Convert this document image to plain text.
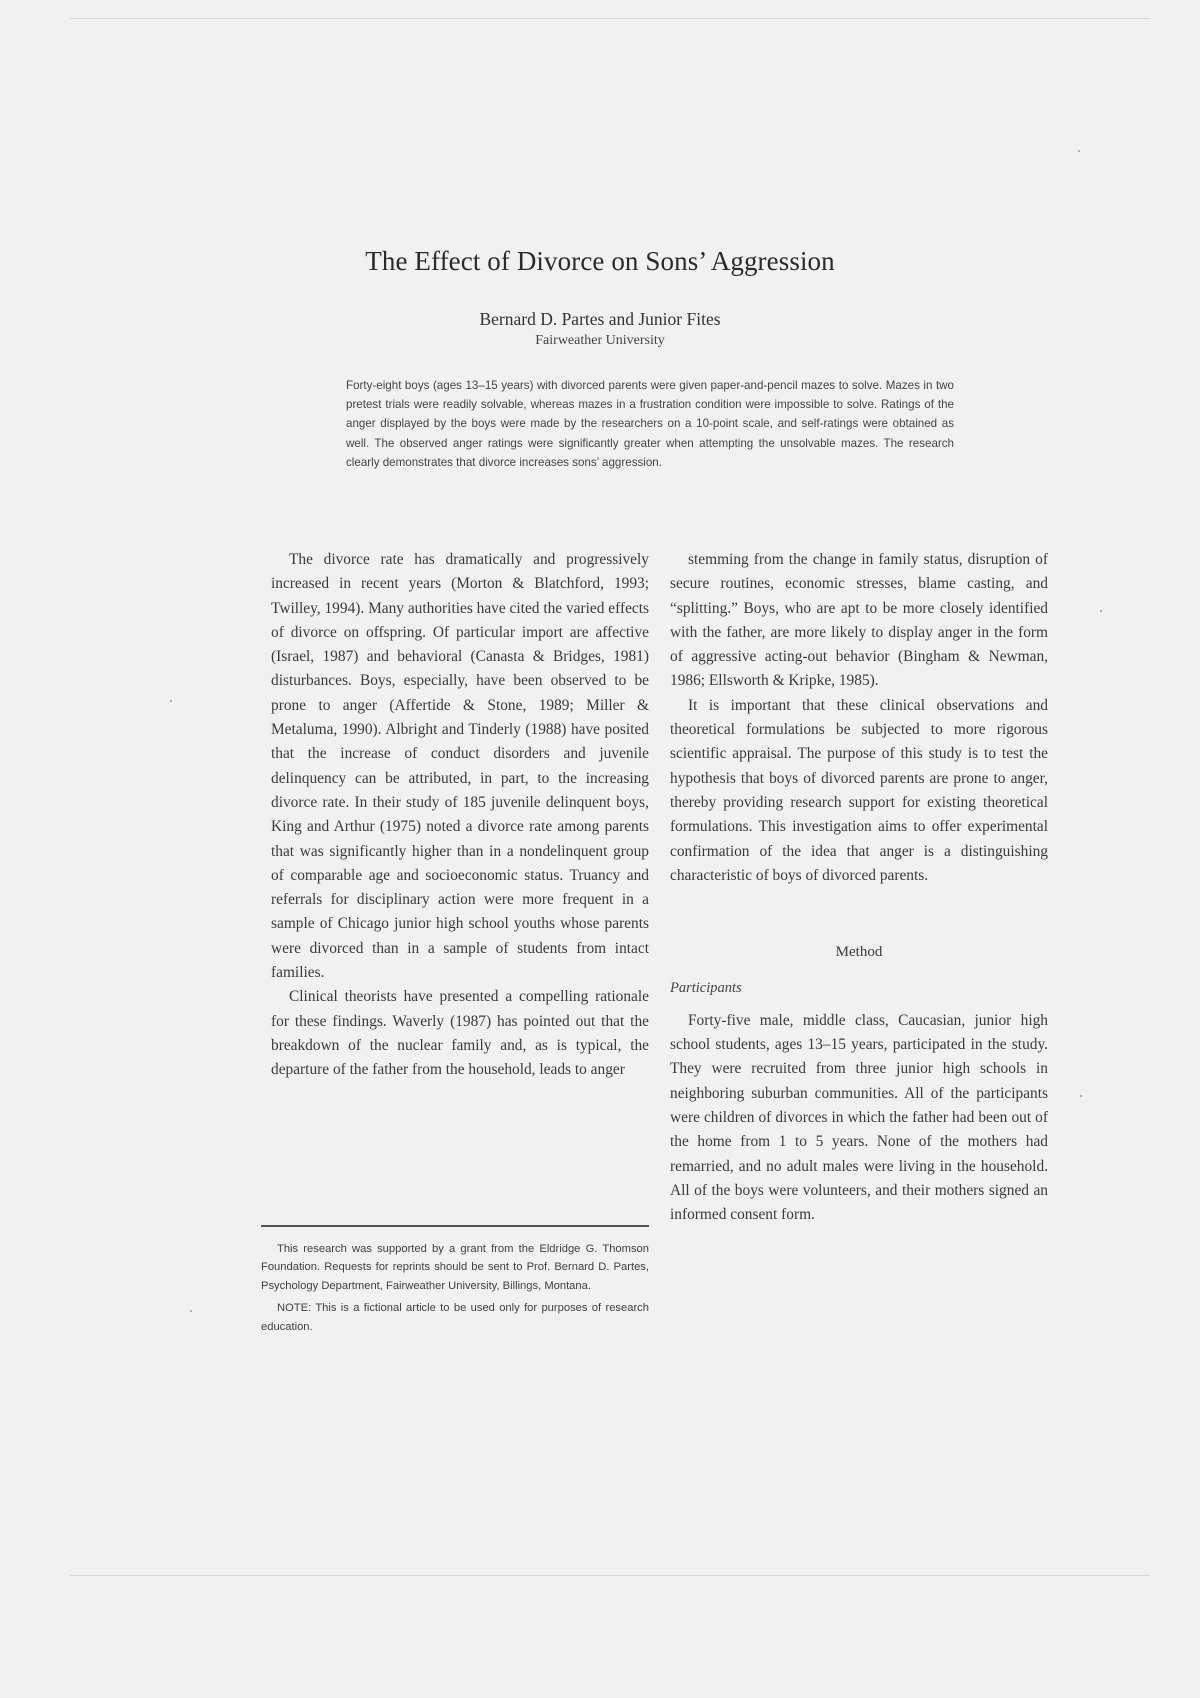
The Effect of Divorce on Sons’ Aggression
Bernard D. Partes and Junior Fites
Fairweather University

Forty-eight boys (ages 13–15 years) with divorced parents were given paper-and-pencil mazes to solve. Mazes in two pretest trials were readily solvable, whereas mazes in a frustration condition were impossible to solve. Ratings of the anger displayed by the boys were made by the researchers on a 10-point scale, and self-ratings were obtained as well. The observed anger ratings were significantly greater when attempting the unsolvable mazes. The research clearly demonstrates that divorce increases sons’ aggression.

The divorce rate has dramatically and progressively increased in recent years (Morton & Blatchford, 1993; Twilley, 1994). Many authorities have cited the varied effects of divorce on offspring. Of particular import are affective (Israel, 1987) and behavioral (Canasta & Bridges, 1981) disturbances. Boys, especially, have been observed to be prone to anger (Affertide & Stone, 1989; Miller & Metaluma, 1990). Albright and Tinderly (1988) have posited that the increase of conduct disorders and juvenile delinquency can be attributed, in part, to the increasing divorce rate. In their study of 185 juvenile delinquent boys, King and Arthur (1975) noted a divorce rate among parents that was significantly higher than in a nondelinquent group of comparable age and socioeconomic status. Truancy and referrals for disciplinary action were more frequent in a sample of Chicago junior high school youths whose parents were divorced than in a sample of students from intact families.

Clinical theorists have presented a compelling rationale for these findings. Waverly (1987) has pointed out that the breakdown of the nuclear family and, as is typical, the departure of the father from the household, leads to anger

stemming from the change in family status, disruption of secure routines, economic stresses, blame casting, and “splitting.” Boys, who are apt to be more closely identified with the father, are more likely to display anger in the form of aggressive acting-out behavior (Bingham & Newman, 1986; Ellsworth & Kripke, 1985).

It is important that these clinical observations and theoretical formulations be subjected to more rigorous scientific appraisal. The purpose of this study is to test the hypothesis that boys of divorced parents are prone to anger, thereby providing research support for existing theoretical formulations. This investigation aims to offer experimental confirmation of the idea that anger is a distinguishing characteristic of boys of divorced parents.

Method
Participants

Forty-five male, middle class, Caucasian, junior high school students, ages 13–15 years, participated in the study. They were recruited from three junior high schools in neighboring suburban communities. All of the participants were children of divorces in which the father had been out of the home from 1 to 5 years. None of the mothers had remarried, and no adult males were living in the household. All of the boys were volunteers, and their mothers signed an informed consent form.

This research was supported by a grant from the Eldridge G. Thomson Foundation. Requests for reprints should be sent to Prof. Bernard D. Partes, Psychology Department, Fairweather University, Billings, Montana.

NOTE: This is a fictional article to be used only for purposes of research education.
